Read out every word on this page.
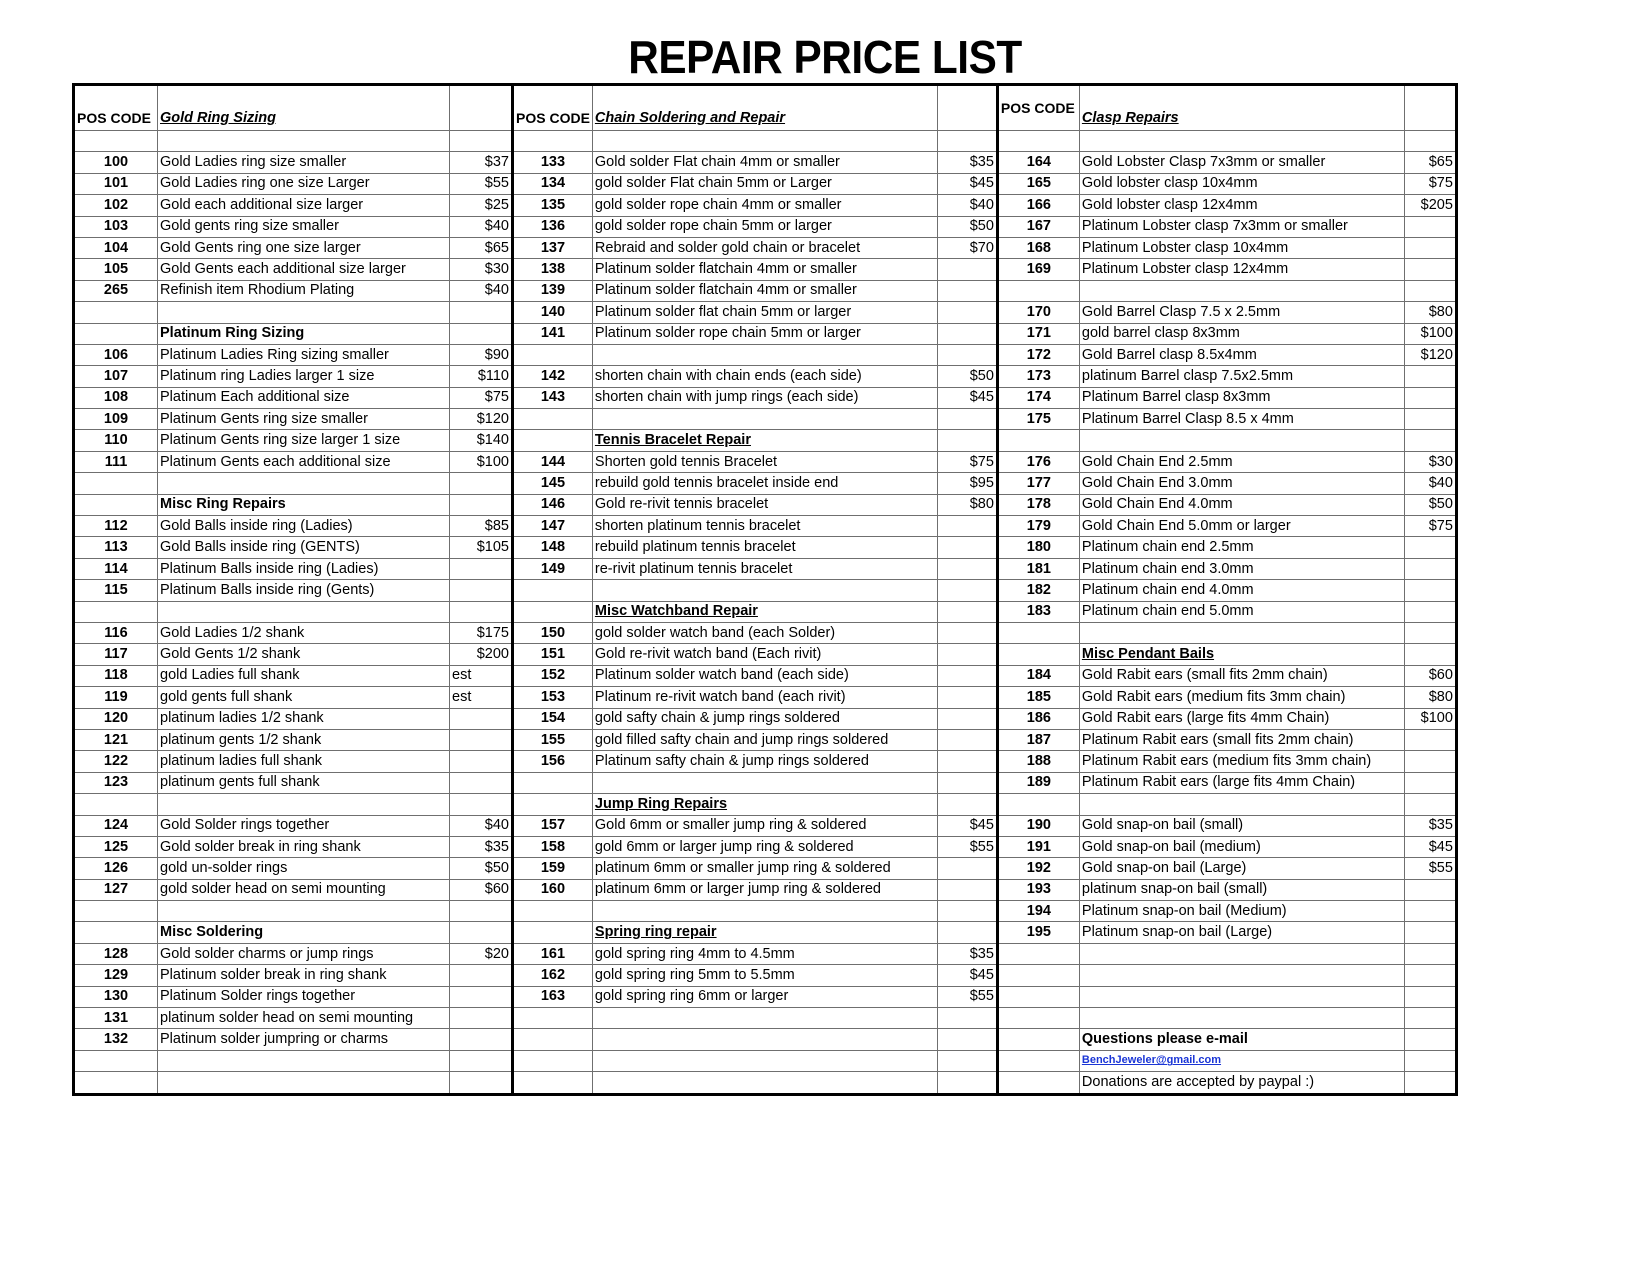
REPAIR PRICE LIST
POS CODE	Gold Ring Sizing		POS CODE	Chain Soldering and Repair		POS CODE	Clasp Repairs	

100	Gold Ladies ring size smaller	$37	133	Gold solder Flat chain 4mm or smaller	$35	164	Gold Lobster Clasp 7x3mm or smaller	$65
101	Gold Ladies ring one size Larger	$55	134	gold solder Flat chain 5mm or Larger	$45	165	Gold lobster clasp 10x4mm	$75
102	Gold each additional size larger	$25	135	gold solder rope chain 4mm or smaller	$40	166	Gold lobster clasp 12x4mm	$205
103	Gold gents ring size smaller	$40	136	gold solder rope chain 5mm or larger	$50	167	Platinum Lobster clasp 7x3mm or smaller	
104	Gold Gents ring one size larger	$65	137	Rebraid and solder gold chain or bracelet	$70	168	Platinum Lobster clasp 10x4mm	
105	Gold Gents each additional size larger	$30	138	Platinum solder flatchain 4mm or smaller		169	Platinum Lobster clasp 12x4mm	
265	Refinish item Rhodium Plating	$40	139	Platinum solder flatchain 4mm or smaller				
			140	Platinum solder flat chain 5mm or larger		170	Gold Barrel Clasp 7.5 x 2.5mm	$80
	Platinum Ring Sizing		141	Platinum solder rope chain 5mm or larger		171	gold barrel clasp 8x3mm	$100
106	Platinum Ladies Ring sizing smaller	$90				172	Gold Barrel clasp 8.5x4mm	$120
107	Platinum ring Ladies larger 1 size	$110	142	shorten chain with chain ends (each side)	$50	173	platinum Barrel clasp 7.5x2.5mm	
108	Platinum Each additional size	$75	143	shorten chain with jump rings (each side)	$45	174	Platinum Barrel clasp 8x3mm	
109	Platinum Gents ring size smaller	$120				175	Platinum Barrel Clasp 8.5 x 4mm	
110	Platinum Gents ring size larger 1 size	$140		Tennis Bracelet Repair				
111	Platinum Gents each additional size	$100	144	Shorten gold tennis Bracelet	$75	176	Gold Chain End 2.5mm	$30
			145	rebuild gold tennis bracelet inside end	$95	177	Gold Chain End 3.0mm	$40
	Misc Ring Repairs		146	Gold re-rivit tennis bracelet	$80	178	Gold Chain End 4.0mm	$50
112	Gold Balls inside ring (Ladies)	$85	147	shorten platinum tennis bracelet		179	Gold Chain End 5.0mm or larger	$75
113	Gold Balls inside ring (GENTS)	$105	148	rebuild platinum tennis bracelet		180	Platinum chain end 2.5mm	
114	Platinum Balls inside ring (Ladies)		149	re-rivit platinum tennis bracelet		181	Platinum chain end 3.0mm	
115	Platinum Balls inside ring (Gents)					182	Platinum chain end 4.0mm	
				Misc Watchband Repair		183	Platinum chain end 5.0mm	
116	Gold Ladies 1/2 shank	$175	150	gold solder watch band (each Solder)				
117	Gold Gents 1/2 shank	$200	151	Gold re-rivit watch band (Each rivit)			Misc Pendant Bails	
118	gold Ladies full shank	est	152	Platinum solder watch band (each side)		184	Gold Rabit ears (small fits 2mm chain)	$60
119	gold gents full shank	est	153	Platinum re-rivit watch band (each rivit)		185	Gold Rabit ears (medium fits 3mm chain)	$80
120	platinum ladies 1/2 shank		154	gold safty chain & jump rings soldered		186	Gold Rabit ears (large fits 4mm Chain)	$100
121	platinum gents 1/2 shank		155	gold filled safty chain and jump rings soldered		187	Platinum Rabit ears (small fits 2mm chain)	
122	platinum ladies full shank		156	Platinum safty chain & jump rings soldered		188	Platinum Rabit ears (medium fits 3mm chain)	
123	platinum gents full shank					189	Platinum Rabit ears (large fits 4mm Chain)	
				Jump Ring Repairs				
124	Gold Solder rings together	$40	157	Gold 6mm or smaller jump ring & soldered	$45	190	Gold snap-on bail (small)	$35
125	Gold solder break in ring shank	$35	158	gold 6mm or larger jump ring & soldered	$55	191	Gold snap-on bail (medium)	$45
126	gold un-solder rings	$50	159	platinum 6mm or smaller jump ring & soldered		192	Gold snap-on bail (Large)	$55
127	gold solder head on semi mounting	$60	160	platinum 6mm or larger jump ring & soldered		193	platinum snap-on bail (small)	
						194	Platinum snap-on bail (Medium)	
	Misc Soldering			Spring ring repair		195	Platinum snap-on bail (Large)	
128	Gold solder charms or jump rings	$20	161	gold spring ring 4mm to 4.5mm	$35			
129	Platinum solder break in ring shank		162	gold spring ring 5mm to 5.5mm	$45			
130	Platinum Solder rings together		163	gold spring ring 6mm or larger	$55			
131	platinum solder head on semi mounting							
132	Platinum solder jumpring or charms						Questions please e-mail	
							BenchJeweler@gmail.com	
							Donations are accepted by paypal :)	
